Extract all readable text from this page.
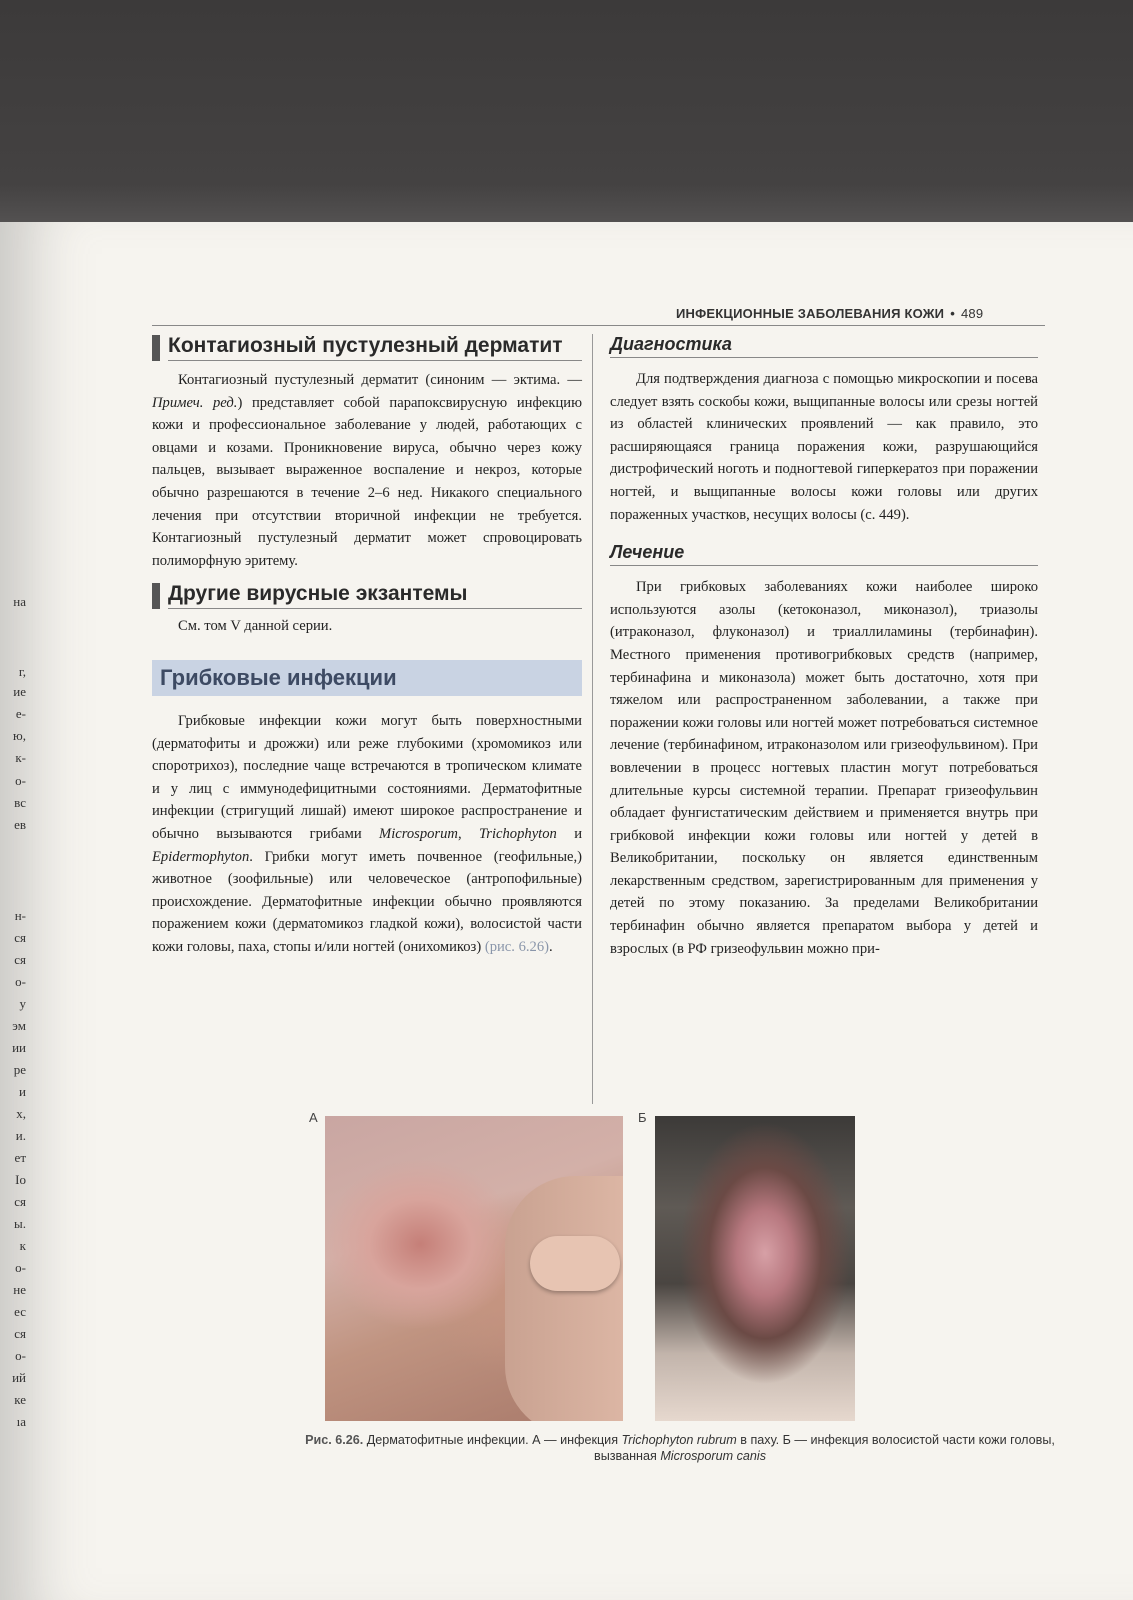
на
г,
ие
е-
ю,
к-
о-
вс
ев
н-
ся
ся
о-
у
эм
ии
ре
и
х,
и.
ет
Ιо
ся
ы.
к
о-
не
ес
ся
о-
ий
ке
ıa
ИНФЕКЦИОННЫЕ ЗАБОЛЕВАНИЯ КОЖИ • 489
Контагиозный пустулезный дерматит

Контагиозный пустулезный дерматит (синоним — эктима. — Примеч. ред.) представляет собой парапоксвирусную инфекцию кожи и профессиональное заболевание у людей, работающих с овцами и козами. Проникновение вируса, обычно через кожу пальцев, вызывает выраженное воспаление и некроз, которые обычно разрешаются в течение 2–6 нед. Никакого специального лечения при отсутствии вторичной инфекции не требуется. Контагиозный пустулезный дерматит может спровоцировать полиморфную эритему.

Другие вирусные экзантемы

См. том V данной серии.

Грибковые инфекции

Грибковые инфекции кожи могут быть поверхностными (дерматофиты и дрожжи) или реже глубокими (хромомикоз или споротрихоз), последние чаще встречаются в тропическом климате и у лиц с иммунодефицитными состояниями. Дерматофитные инфекции (стригущий лишай) имеют широкое распространение и обычно вызываются грибами Microsporum, Trichophyton и Epidermophyton. Грибки могут иметь почвенное (геофильные,) животное (зоофильные) или человеческое (антропофильные) происхождение. Дерматофитные инфекции обычно проявляются поражением кожи (дерматомикоз гладкой кожи), волосистой части кожи головы, паха, стопы и/или ногтей (онихомикоз) (рис. 6.26).

Диагностика

Для подтверждения диагноза с помощью микроскопии и посева следует взять соскобы кожи, выщипанные волосы или срезы ногтей из областей клинических проявлений — как правило, это расширяющаяся граница поражения кожи, разрушающийся дистрофический ноготь и подногтевой гиперкератоз при поражении ногтей, и выщипанные волосы кожи головы или других пораженных участков, несущих волосы (с. 449).

Лечение

При грибковых заболеваниях кожи наиболее широко используются азолы (кетоконазол, миконазол), триазолы (итраконазол, флуконазол) и триаллиламины (тербинафин). Местного применения противогрибковых средств (например, тербинафина и миконазола) может быть достаточно, хотя при тяжелом или распространенном заболевании, а также при поражении кожи головы или ногтей может потребоваться системное лечение (тербинафином, итраконазолом или гризеофульвином). При вовлечении в процесс ногтевых пластин могут потребоваться длительные курсы системной терапии. Препарат гризеофульвин обладает фунгистатическим действием и применяется внутрь при грибковой инфекции кожи головы или ногтей у детей в Великобритании, поскольку он является единственным лекарственным средством, зарегистрированным для применения у детей по этому показанию. За пределами Великобритании тербинафин обычно является препаратом выбора у детей и взрослых (в РФ гризеофульвин можно при-

А	Б
Рис. 6.26. Дерматофитные инфекции. А — инфекция Trichophyton rubrum в паху. Б — инфекция волосистой части кожи головы, вызванная Microsporum canis
